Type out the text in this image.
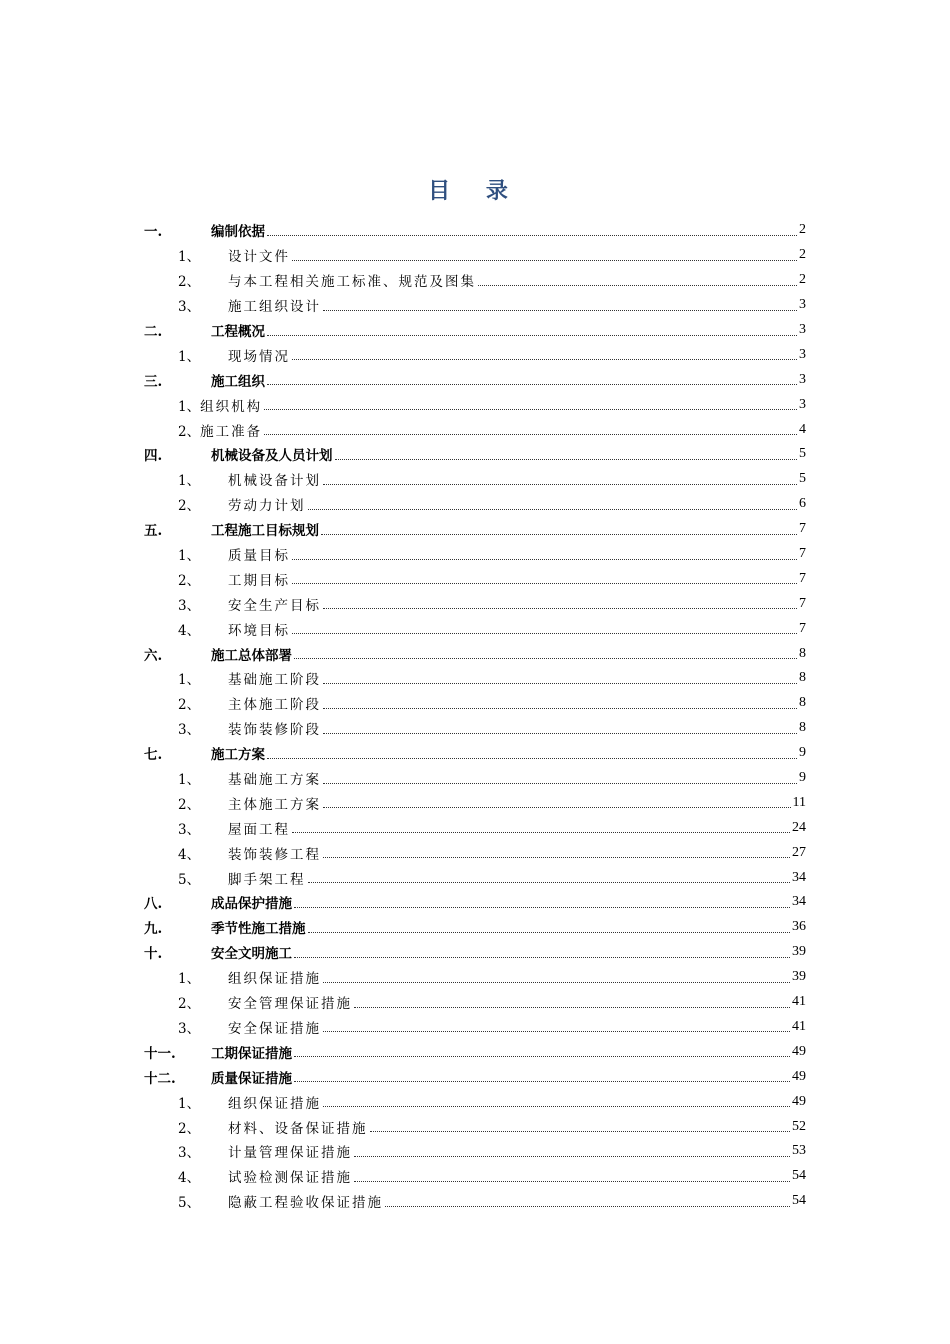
目 录
一.	编制依据	2
1、	设计文件	2
2、	与本工程相关施工标准、规范及图集	2
3、	施工组织设计	3
二.	工程概况	3
1、	现场情况	3
三.	施工组织	3
1、 组织机构	3
2、 施工准备	4
四.	机械设备及人员计划	5
1、	机械设备计划	5
2、	劳动力计划	6
五.	工程施工目标规划	7
1、	质量目标	7
2、	工期目标	7
3、	安全生产目标	7
4、	环境目标	7
六.	施工总体部署	8
1、	基础施工阶段	8
2、	主体施工阶段	8
3、	装饰装修阶段	8
七.	施工方案	9
1、	基础施工方案	9
2、	主体施工方案	11
3、	屋面工程	24
4、	装饰装修工程	27
5、	脚手架工程	34
八.	成品保护措施	34
九.	季节性施工措施	36
十.	安全文明施工	39
1、	组织保证措施	39
2、	安全管理保证措施	41
3、	安全保证措施	41
十一.	工期保证措施	49
十二.	质量保证措施	49
1、	组织保证措施	49
2、	材料、设备保证措施	52
3、	计量管理保证措施	53
4、	试验检测保证措施	54
5、	隐蔽工程验收保证措施	54
